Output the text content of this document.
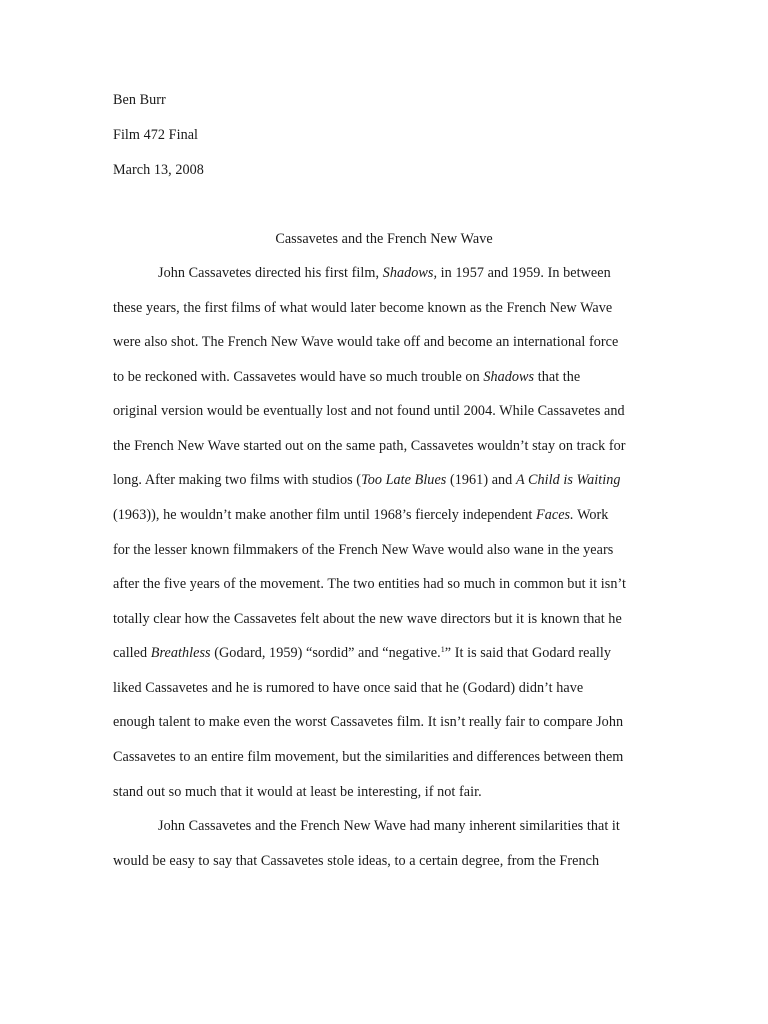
Ben Burr
Film 472 Final
March 13, 2008
Cassavetes and the French New Wave
John Cassavetes directed his first film, Shadows, in 1957 and 1959. In between
these years, the first films of what would later become known as the French New Wave
were also shot. The French New Wave would take off and become an international force
to be reckoned with. Cassavetes would have so much trouble on Shadows that the
original version would be eventually lost and not found until 2004. While Cassavetes and
the French New Wave started out on the same path, Cassavetes wouldn’t stay on track for
long. After making two films with studios (Too Late Blues (1961) and A Child is Waiting
(1963)), he wouldn’t make another film until 1968’s fiercely independent Faces. Work
for the lesser known filmmakers of the French New Wave would also wane in the years
after the five years of the movement. The two entities had so much in common but it isn’t
totally clear how the Cassavetes felt about the new wave directors but it is known that he
called Breathless (Godard, 1959) “sordid” and “negative.$^1$” It is said that Godard really
liked Cassavetes and he is rumored to have once said that he (Godard) didn’t have
enough talent to make even the worst Cassavetes film. It isn’t really fair to compare John
Cassavetes to an entire film movement, but the similarities and differences between them
stand out so much that it would at least be interesting, if not fair.
John Cassavetes and the French New Wave had many inherent similarities that it
would be easy to say that Cassavetes stole ideas, to a certain degree, from the French
